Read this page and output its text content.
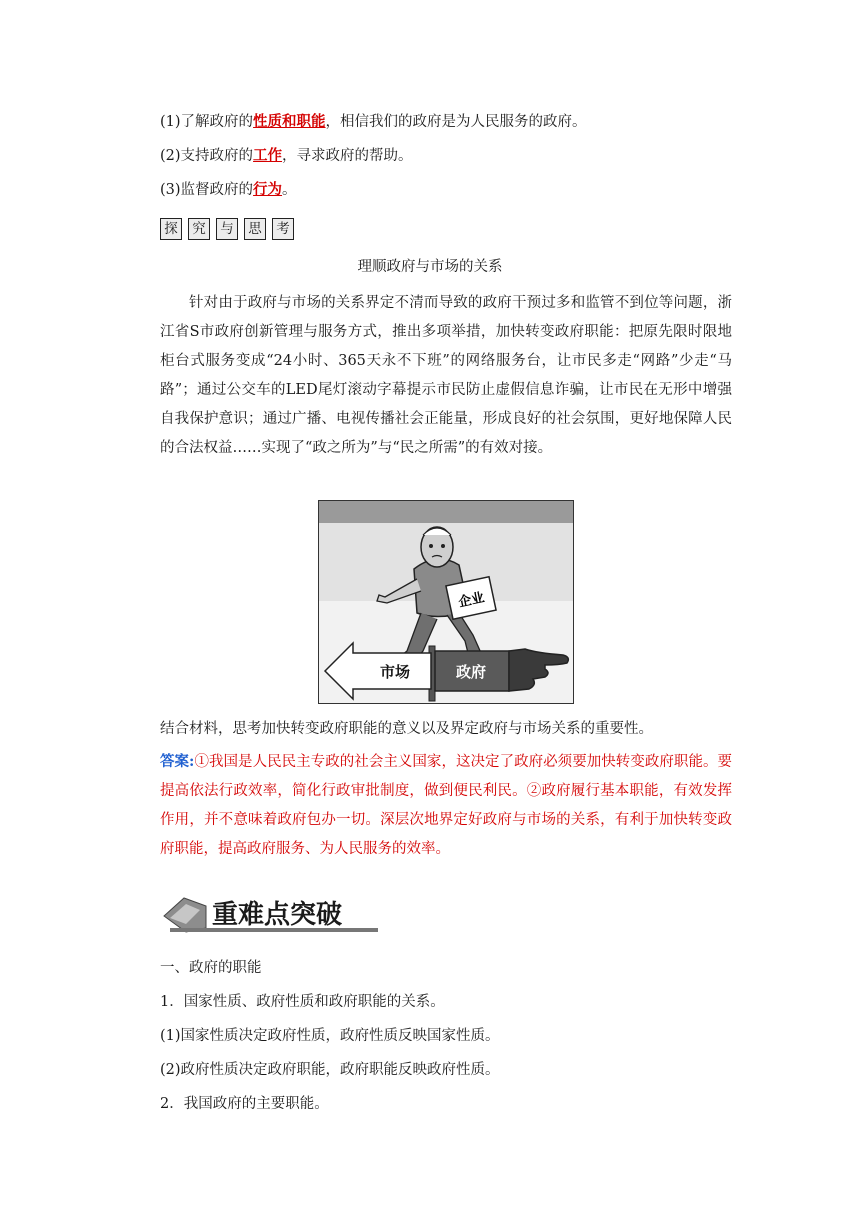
(1)了解政府的性质和职能，相信我们的政府是为人民服务的政府。
(2)支持政府的工作，寻求政府的帮助。
(3)监督政府的行为。
探	究	与	思	考
理顺政府与市场的关系
针对由于政府与市场的关系界定不清而导致的政府干预过多和监管不到位等问题，浙江省S市政府创新管理与服务方式，推出多项举措，加快转变政府职能：把原先限时限地柜台式服务变成“24小时、365天永不下班”的网络服务台，让市民多走“网路”少走“马路”；通过公交车的LED尾灯滚动字幕提示市民防止虚假信息诈骗，让市民在无形中增强自我保护意识；通过广播、电视传播社会正能量，形成良好的社会氛围，更好地保障人民的合法权益……实现了“政之所为”与“民之所需”的有效对接。
企业
市场	政府
结合材料，思考加快转变政府职能的意义以及界定政府与市场关系的重要性。
答案:①我国是人民民主专政的社会主义国家，这决定了政府必须要加快转变政府职能。要提高依法行政效率，简化行政审批制度，做到便民利民。②政府履行基本职能，有效发挥作用，并不意味着政府包办一切。深层次地界定好政府与市场的关系，有利于加快转变政府职能，提高政府服务、为人民服务的效率。
重难点突破
一、政府的职能
1．国家性质、政府性质和政府职能的关系。
(1)国家性质决定政府性质，政府性质反映国家性质。
(2)政府性质决定政府职能，政府职能反映政府性质。
2．我国政府的主要职能。
